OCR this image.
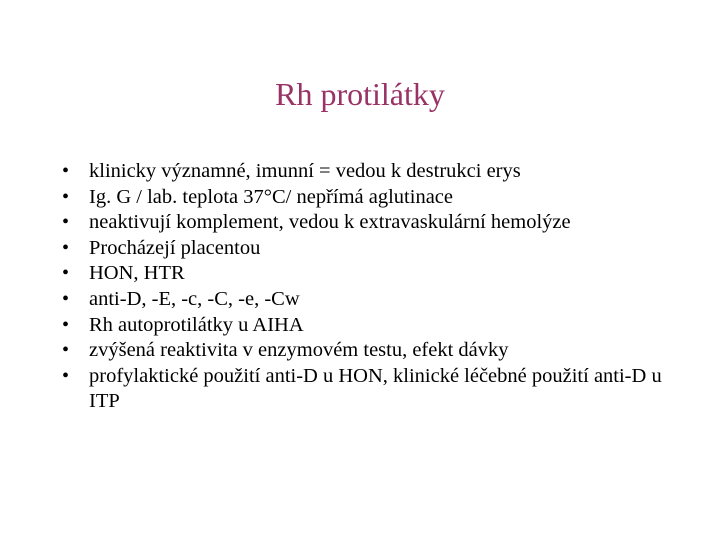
Rh protilátky
• klinicky významné, imunní = vedou k destrukci erys
• Ig. G / lab. teplota 37°C/ nepřímá aglutinace
• neaktivují komplement, vedou k extravaskulární hemolýze
• Procházejí placentou
• HON, HTR
• anti-D, -E, -c, -C, -e, -Cw
• Rh autoprotilátky u AIHA
• zvýšená reaktivita v enzymovém testu, efekt dávky
• profylaktické použití anti-D u HON, klinické léčebné použití anti-D u ITP
